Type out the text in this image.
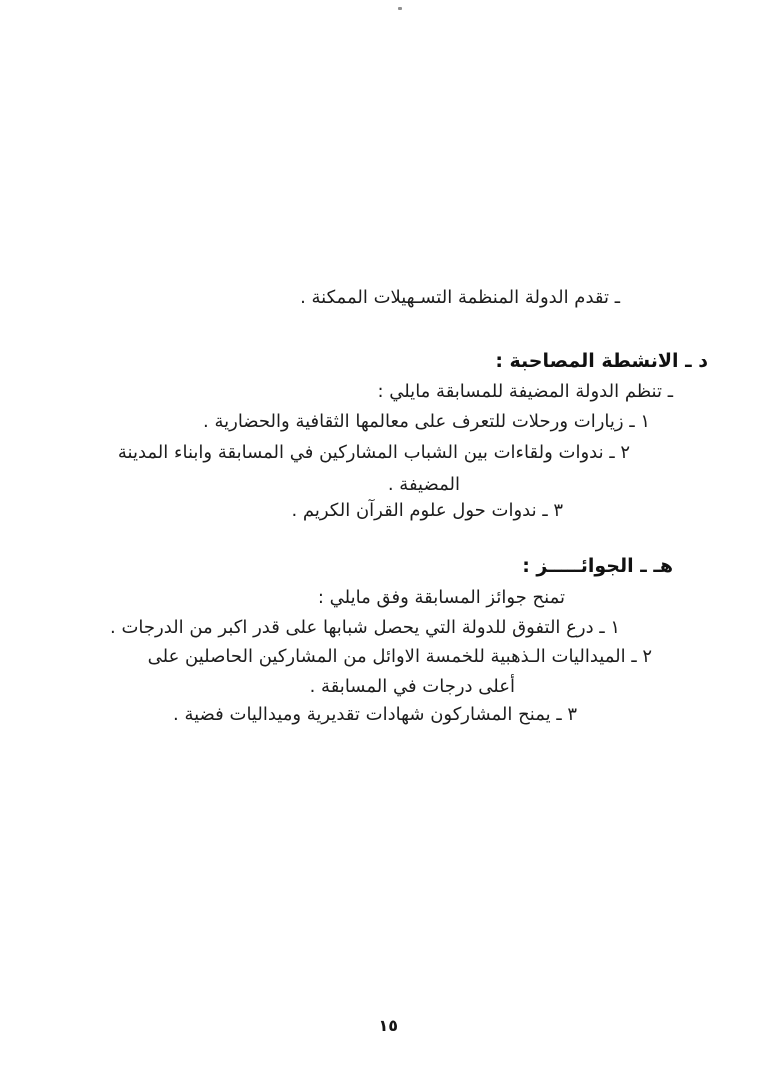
ـ تقدم الدولة المنظمة التسـهيلات الممكنة .
د ـ الانشطة المصاحبة :
ـ تنظم الدولة المضيفة للمسابقة مايلي :
١ ـ زيارات ورحلات للتعرف على معالمها الثقافية والحضارية .
٢ ـ ندوات ولقاءات بين الشباب المشاركين في المسابقة وابناء المدينة
المضيفة .
٣ ـ ندوات حول علوم القرآن الكريم .
هـ ـ الجوائـــــز :
تمنح جوائز المسابقة وفق مايلي :
١ ـ درع التفوق للدولة التي يحصل شبابها على قدر اكبر من الدرجات .
٢ ـ الميداليات الـذهبية للخمسة الاوائل من المشاركين الحاصلين على
أعلى درجات في المسابقة .
٣ ـ يمنح المشاركون شهادات تقديرية وميداليات فضية .
١٥
